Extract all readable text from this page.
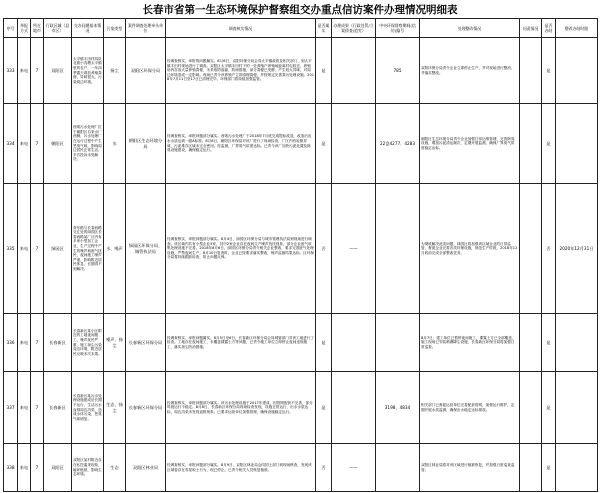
长春市省第一生态环境保护督察组交办重点信访案件办理情况明细表
序号	举报方式	所在地市	行政区域（县市区）	交办问题基本情况	污染类型	案件调查处理牵头单位	调查核实情况	是否属实	办理成果（行政处罚/立案侦查/追究）	中央环保督察期间(信访)编号	处理整改情况	问责情况	是否办结	整改办结时限
333	来电	7	双阳区	太平镇丰田村四队北面小沟塘太平镇里的农户，一年四季露天堆放养殖粪便，异味很大，污染周边环境。	扬尘	双阳区环保分局	经调查核实，举报的问题属实。8月6日，双阳环保分局会同太平镇政府及相关部门，到太平镇丰田村现场进行了调查。双阳区太平镇丰田村下的一处养殖户养殖场距离村屯较近，养殖场内存放大量养殖粪便，未采取防渗漏、防雨措施，部分粪便已发酵，产生较大异味，对周边环境造成一定影响。现场已责令该养殖户立即清理粪便，并按规定完善粪污处理设施。2018年7月11日至17日已清理完毕。环保部门将持续加强监管。	是		785	双阳环保分局责令企业立即停止生产，并对现场进行整治，并落实整改。		是	
334	来电	7	朝阳区	西郊污水处理厂位于朝阳区自来水厂西侧，污水处理厂在运行过程中产生恶臭气味，影响周边居民正常生活，多次投诉未见解决。	水	朝阳区生态环境分局	经调查核实，举报问题部分属实。西郊污水处理厂于2018年7月底完成提标改造，改造后出水水质达到一级A标准。8月8日，朝阳区环保局对该厂进行了现场检查，厂区内有轻微异味，污泥堆存区域未完全密闭。经监测，厂界臭气浓度达标。已责令该厂加快污泥处置及除臭设施建设，确保稳定运行。	是		22盘4277、4283	朝阳区生态环境分局责令企业加强日常运维管理，完善除臭设施，增加污泥清运频次，定期开展监测，确保厂界臭气浓度稳定达标。		是	
335	来电	7	绿园区	青年路与长春西路交汇处的绿园区长春西路某厂区内有多家小型加工企业，生产过程中产生的噪声和废气扰民，夜间施工噪声严重，影响附近居民休息，长期得不到解决。	水、噪声	绿园区环保分局、城管执法局	经调查核实，举报问题部分属实。8月4日，绿园区环保分局与城市管理执法局到现场进行调查。该区域内共有小型企业5家，其中2家企业存在夜间生产噪声扰民现象，部分企业废气收集处理设施不完善。2018年8月6日，绿园区环保分局责令相关企业整改，要求完善废气处理设施，严禁夜间生产。8月10日复查时，企业已按要求落实整改，噪声监测结果达标。区环保分局将持续跟踪检查，防止问题反弹。	否	——		为彻底解决此类问题，绿园区将加强该区域企业的日常监管，督促企业完善各类环保设施，规范生产时段，2018年12月底前完成全部整改任务。		否	2020年12月31日
336	来电	7	长春新区	长春新区某小区附近的工地夜间施工，噪声扰民严重，施工扬尘污染周边环境，附近居民反映多次未果。	噪声、扬尘	长春新区环保分局	经调查核实，举报问题属实。8月5日至6日，长春新区环保分局会同城管部门对该工地进行了检查。工地存在夜间施工、未覆盖裸露土方等问题，已责令施工单位立即停止夜间违规施工，落实扬尘防治措施。	是			8月7日，建工单位已暂停夜间施工，裸露土方已全部覆盖，施工现场已安装喷淋降尘设施，长春新区环保分局将加强日常巡查。		是	
337	来电	7	长春新区	长春新区某污水处理设施建成后长期不运行，生活污水直排周边沟渠，造成水体污染，恶臭气味明显。	生态、扬尘	长春新区环保分局	经调查核实，举报问题部分属实。该污水处理设施于2017年建成，因管网配套不完善，部分时段运行不稳定。8月8日，长春新区环保分局现场检查发现，设施正常运行，出水水质达标，周边沟渠未发现直排现象。已要求运营单位加强管理，确保设施稳定运行。	是		3198、4834	相关部门已督促运营单位完善配套管网，加强运行维护，定期开展水质监测，确保出水稳定达标排放。		是	
338	来电	7	双阳区	双阳区某村附近存在私挖滥采现象，破坏植被，影响生态环境。	生态	双阳区林业局	经调查核实，举报问题部分属实。8月9日，双阳区林业局会同国土部门到现场核查，发现该区域曾存在零星取土行为，现已停止。已责令相关人员恢复植被。	否	——		双阳区林业局将对该区域进行植被恢复，并加强日常巡查监管。		是	
